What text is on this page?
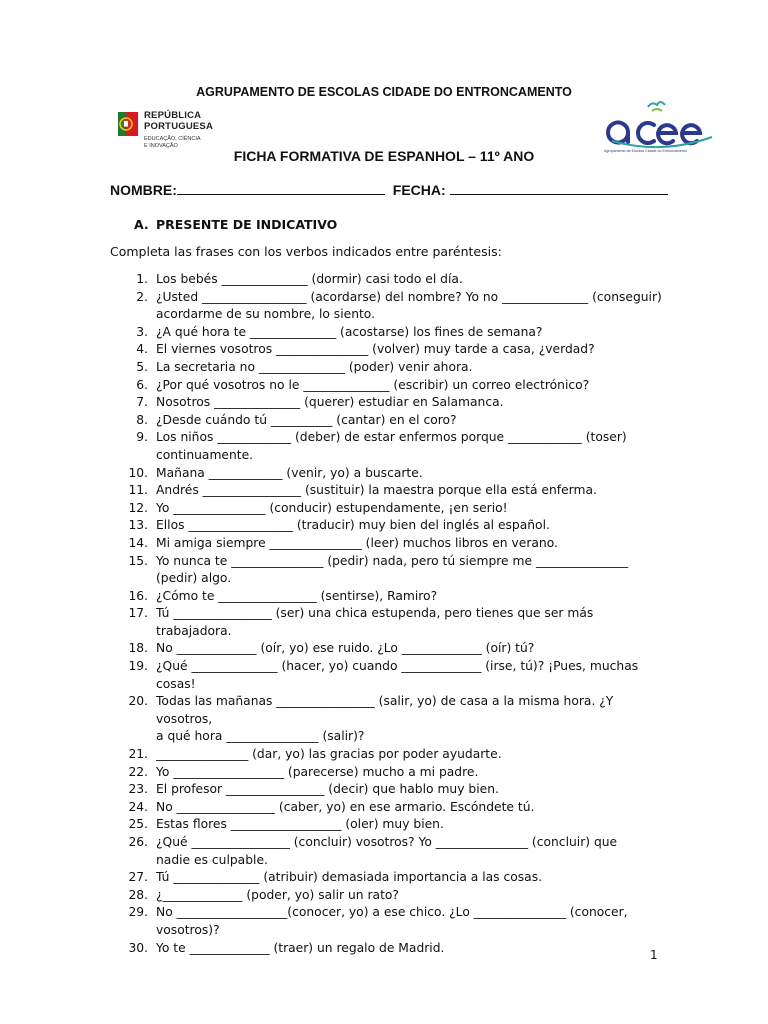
AGRUPAMENTO DE ESCOLAS CIDADE DO ENTRONCAMENTO
REPÚBLICA
PORTUGUESA
EDUCAÇÃO, CIÊNCIA
E INOVAÇÃO
Agrupamento de Escolas Cidade do Entroncamento
FICHA FORMATIVA DE ESPANHOL – 11º ANO
NOMBRE:	FECHA:
A. PRESENTE DE INDICATIVO
Completa las frases con los verbos indicados entre paréntesis:
1. Los bebés ______________ (dormir) casi todo el día.
2. ¿Usted _________________ (acordarse) del nombre? Yo no ______________ (conseguir)
acordarme de su nombre, lo siento.
3. ¿A qué hora te ______________ (acostarse) los fines de semana?
4. El viernes vosotros _______________ (volver) muy tarde a casa, ¿verdad?
5. La secretaria no ______________ (poder) venir ahora.
6. ¿Por qué vosotros no le ______________ (escribir) un correo electrónico?
7. Nosotros ______________ (querer) estudiar en Salamanca.
8. ¿Desde cuándo tú __________ (cantar) en el coro?
9. Los niños ____________ (deber) de estar enfermos porque ____________ (toser)
continuamente.
10. Mañana ____________ (venir, yo) a buscarte.
11. Andrés ________________ (sustituir) la maestra porque ella está enferma.
12. Yo _______________ (conducir) estupendamente, ¡en serio!
13. Ellos _________________ (traducir) muy bien del inglés al español.
14. Mi amiga siempre _______________ (leer) muchos libros en verano.
15. Yo nunca te _______________ (pedir) nada, pero tú siempre me _______________
(pedir) algo.
16. ¿Cómo te ________________ (sentirse), Ramiro?
17. Tú ________________ (ser) una chica estupenda, pero tienes que ser más trabajadora.
18. No _____________ (oír, yo) ese ruido. ¿Lo _____________ (oír) tú?
19. ¿Qué ______________ (hacer, yo) cuando _____________ (irse, tú)? ¡Pues, muchas
cosas!
20. Todas las mañanas ________________ (salir, yo) de casa a la misma hora. ¿Y vosotros,
a qué hora _______________ (salir)?
21. _______________ (dar, yo) las gracias por poder ayudarte.
22. Yo __________________ (parecerse) mucho a mi padre.
23. El profesor ________________ (decir) que hablo muy bien.
24. No ________________ (caber, yo) en ese armario. Escóndete tú.
25. Estas flores __________________ (oler) muy bien.
26. ¿Qué ________________ (concluir) vosotros? Yo _______________ (concluir) que
nadie es culpable.
27. Tú ______________ (atribuir) demasiada importancia a las cosas.
28. ¿_____________ (poder, yo) salir un rato?
29. No __________________(conocer, yo) a ese chico. ¿Lo _______________ (conocer,
vosotros)?
30. Yo te _____________ (traer) un regalo de Madrid.
1
